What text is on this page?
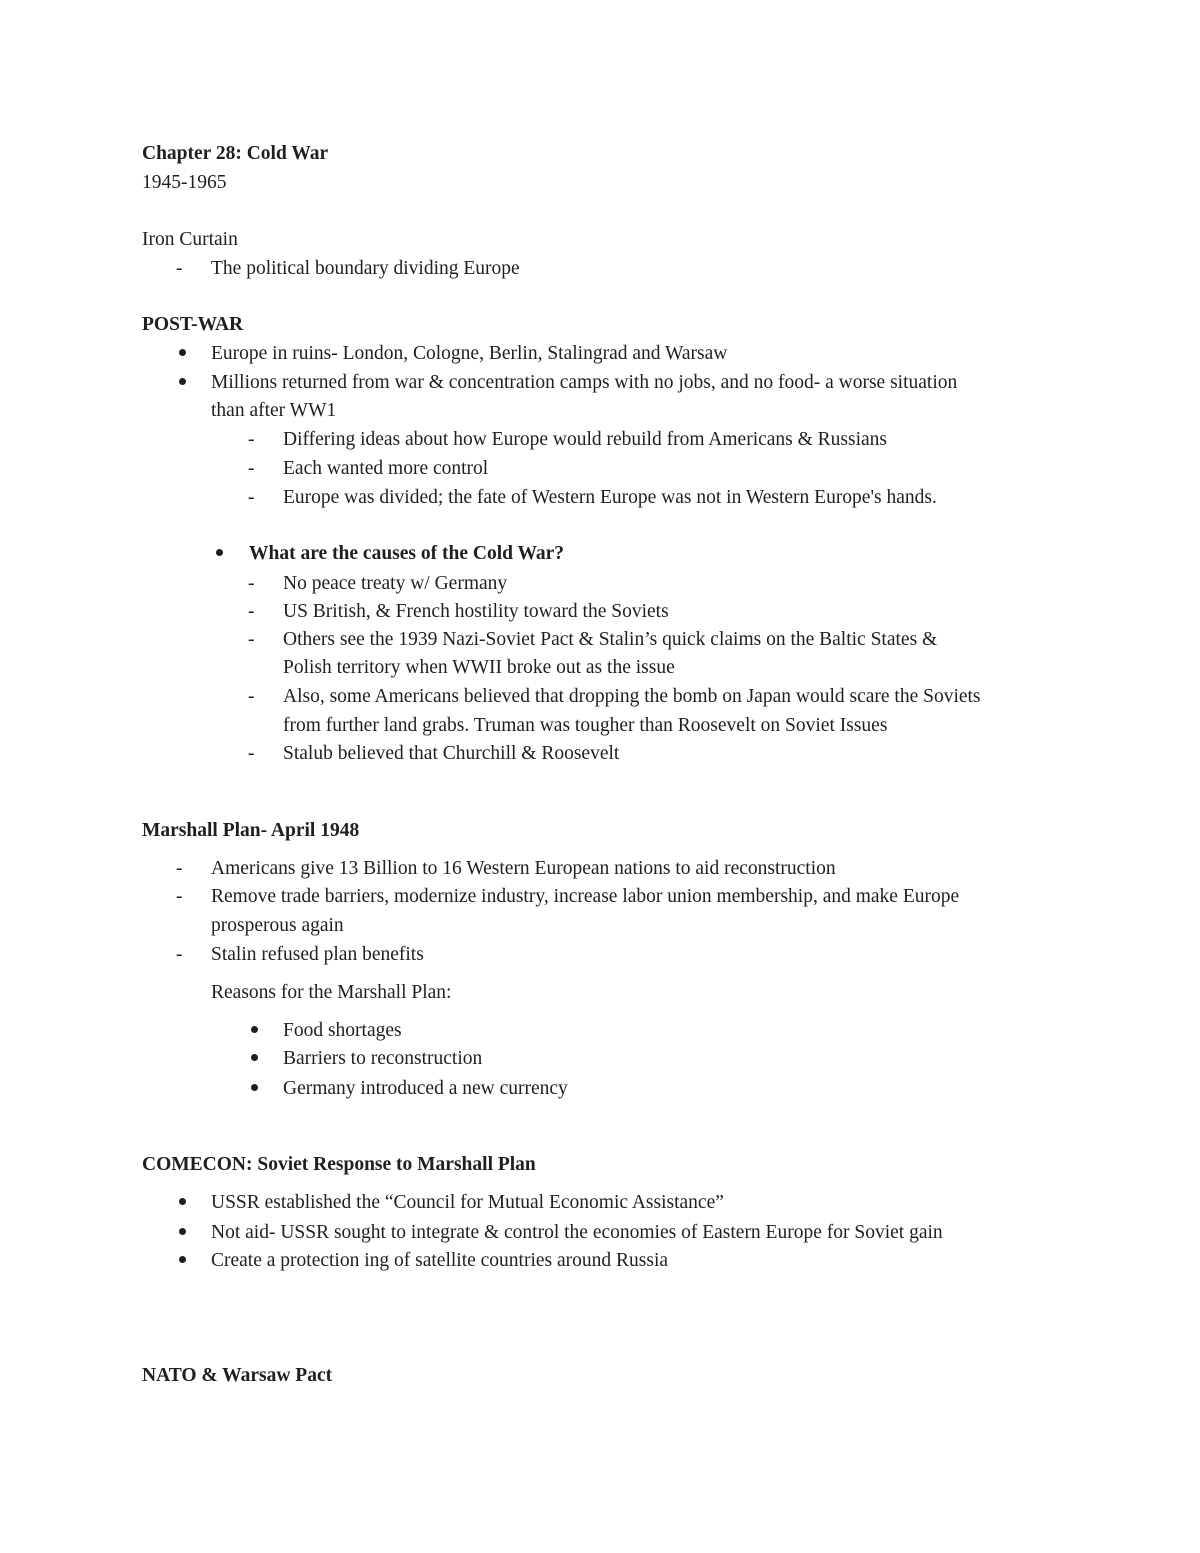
Chapter 28: Cold War
1945-1965
Iron Curtain
- The political boundary dividing Europe
POST-WAR
Europe in ruins- London, Cologne, Berlin, Stalingrad and Warsaw
Millions returned from war & concentration camps with no jobs, and no food- a worse situation
than after WW1
- Differing ideas about how Europe would rebuild from Americans & Russians
- Each wanted more control
- Europe was divided; the fate of Western Europe was not in Western Europe's hands.
What are the causes of the Cold War?
- No peace treaty w/ Germany
- US British, & French hostility toward the Soviets
- Others see the 1939 Nazi-Soviet Pact & Stalin’s quick claims on the Baltic States &
Polish territory when WWII broke out as the issue
- Also, some Americans believed that dropping the bomb on Japan would scare the Soviets
from further land grabs. Truman was tougher than Roosevelt on Soviet Issues
- Stalub believed that Churchill & Roosevelt
Marshall Plan- April 1948
- Americans give 13 Billion to 16 Western European nations to aid reconstruction
- Remove trade barriers, modernize industry, increase labor union membership, and make Europe
prosperous again
- Stalin refused plan benefits
Reasons for the Marshall Plan:
Food shortages
Barriers to reconstruction
Germany introduced a new currency
COMECON: Soviet Response to Marshall Plan
USSR established the “Council for Mutual Economic Assistance”
Not aid- USSR sought to integrate & control the economies of Eastern Europe for Soviet gain
Create a protection ing of satellite countries around Russia
NATO & Warsaw Pact
